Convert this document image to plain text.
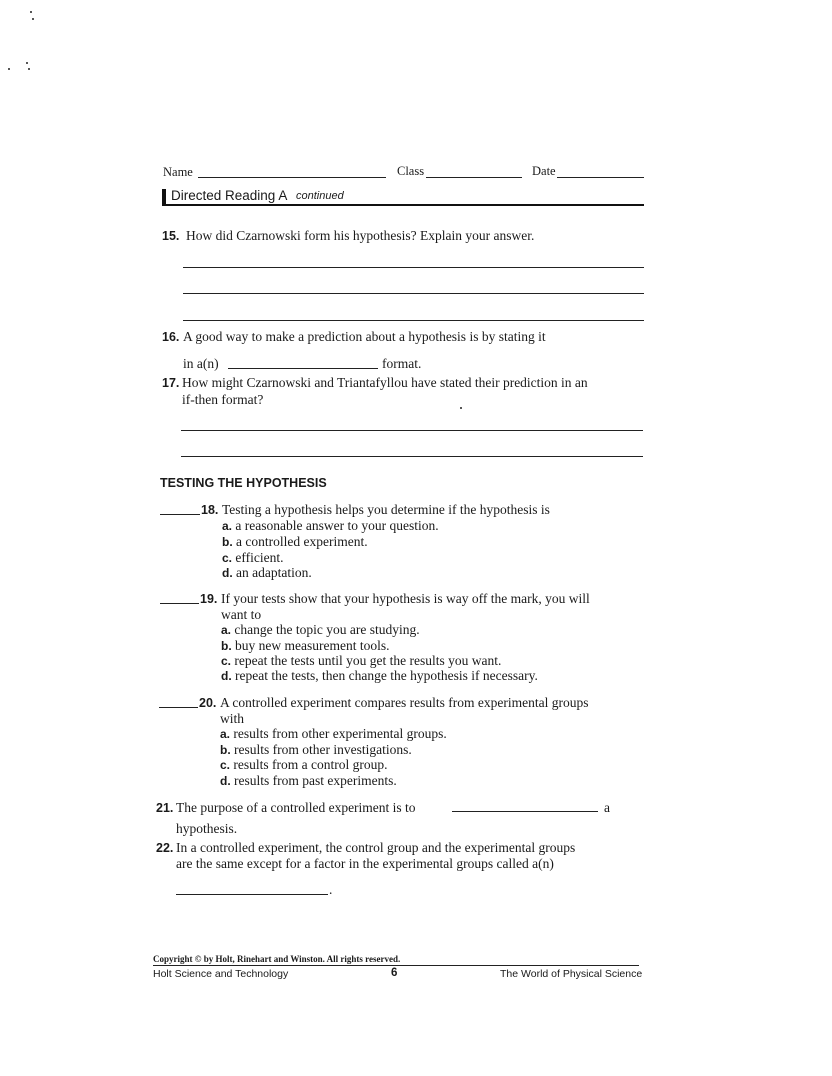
Name	Class	Date
Directed Reading A continued
15. How did Czarnowski form his hypothesis? Explain your answer.
16. A good way to make a prediction about a hypothesis is by stating it
in a(n)	format.
17. How might Czarnowski and Triantafyllou have stated their prediction in an
if-then format?
TESTING THE HYPOTHESIS
18. Testing a hypothesis helps you determine if the hypothesis is
a. a reasonable answer to your question.
b. a controlled experiment.
c. efficient.
d. an adaptation.
19. If your tests show that your hypothesis is way off the mark, you will
want to
a. change the topic you are studying.
b. buy new measurement tools.
c. repeat the tests until you get the results you want.
d. repeat the tests, then change the hypothesis if necessary.
20. A controlled experiment compares results from experimental groups
with
a. results from other experimental groups.
b. results from other investigations.
c. results from a control group.
d. results from past experiments.
21. The purpose of a controlled experiment is to	a
hypothesis.
22. In a controlled experiment, the control group and the experimental groups
are the same except for a factor in the experimental groups called a(n)
.
Copyright © by Holt, Rinehart and Winston. All rights reserved.
Holt Science and Technology	6	The World of Physical Science
